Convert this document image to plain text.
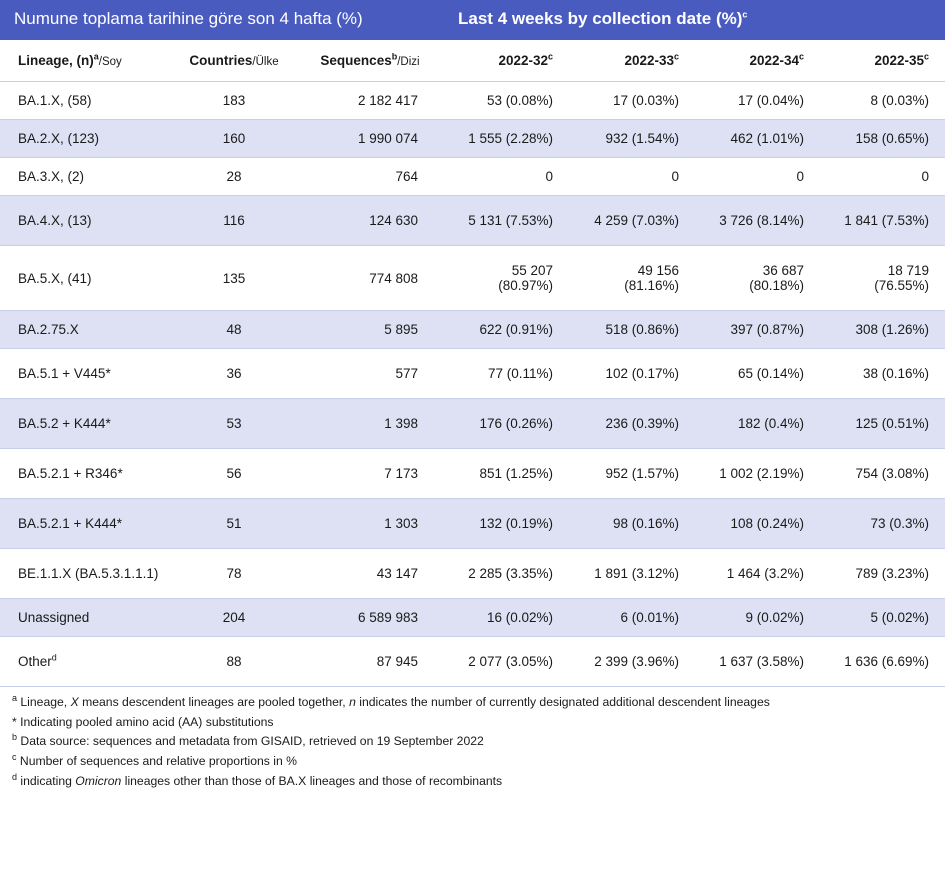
Numune toplama tarihine göre son 4 hafta (%)			Last 4 weeks by collection date (%)$^c$
Lineage, $(n)^a$/Soy	Countries/Ülke	Sequences$^b$/Dizi	2022-32$^c$	2022-33$^c$	2022-34$^c$	2022-35$^c$
BA.1.X, (58)	183	2 182 417	53 (0.08%)	17 (0.03%)	17 (0.04%)	8 (0.03%)
BA.2.X, (123)	160	1 990 074	1 555 (2.28%)	932 (1.54%)	462 (1.01%)	158 (0.65%)
BA.3.X, (2)	28	764	0	0	0	0
BA.4.X, (13)	116	124 630	5 131 (7.53%)	4 259 (7.03%)	3 726 (8.14%)	1 841 (7.53%)
BA.5.X, (41)	135	774 808	55 207 (80.97%)	49 156 (81.16%)	36 687 (80.18%)	18 719 (76.55%)
BA.2.75.X	48	5 895	622 (0.91%)	518 (0.86%)	397 (0.87%)	308 (1.26%)
BA.5.1 + V445*	36	577	77 (0.11%)	102 (0.17%)	65 (0.14%)	38 (0.16%)
BA.5.2 + K444*	53	1 398	176 (0.26%)	236 (0.39%)	182 (0.4%)	125 (0.51%)
BA.5.2.1 + R346*	56	7 173	851 (1.25%)	952 (1.57%)	1 002 (2.19%)	754 (3.08%)
BA.5.2.1 + K444*	51	1 303	132 (0.19%)	98 (0.16%)	108 (0.24%)	73 (0.3%)
BE.1.1.X (BA.5.3.1.1.1)	78	43 147	2 285 (3.35%)	1 891 (3.12%)	1 464 (3.2%)	789 (3.23%)
Unassigned	204	6 589 983	16 (0.02%)	6 (0.01%)	9 (0.02%)	5 (0.02%)
Other$^d$	88	87 945	2 077 (3.05%)	2 399 (3.96%)	1 637 (3.58%)	1 636 (6.69%)
$^a$ Lineage, X means descendent lineages are pooled together, n indicates the number of currently designated additional descendent lineages
* Indicating pooled amino acid (AA) substitutions
$^b$ Data source: sequences and metadata from GISAID, retrieved on 19 September 2022
$^c$ Number of sequences and relative proportions in %
$^d$ indicating Omicron lineages other than those of BA.X lineages and those of recombinants
